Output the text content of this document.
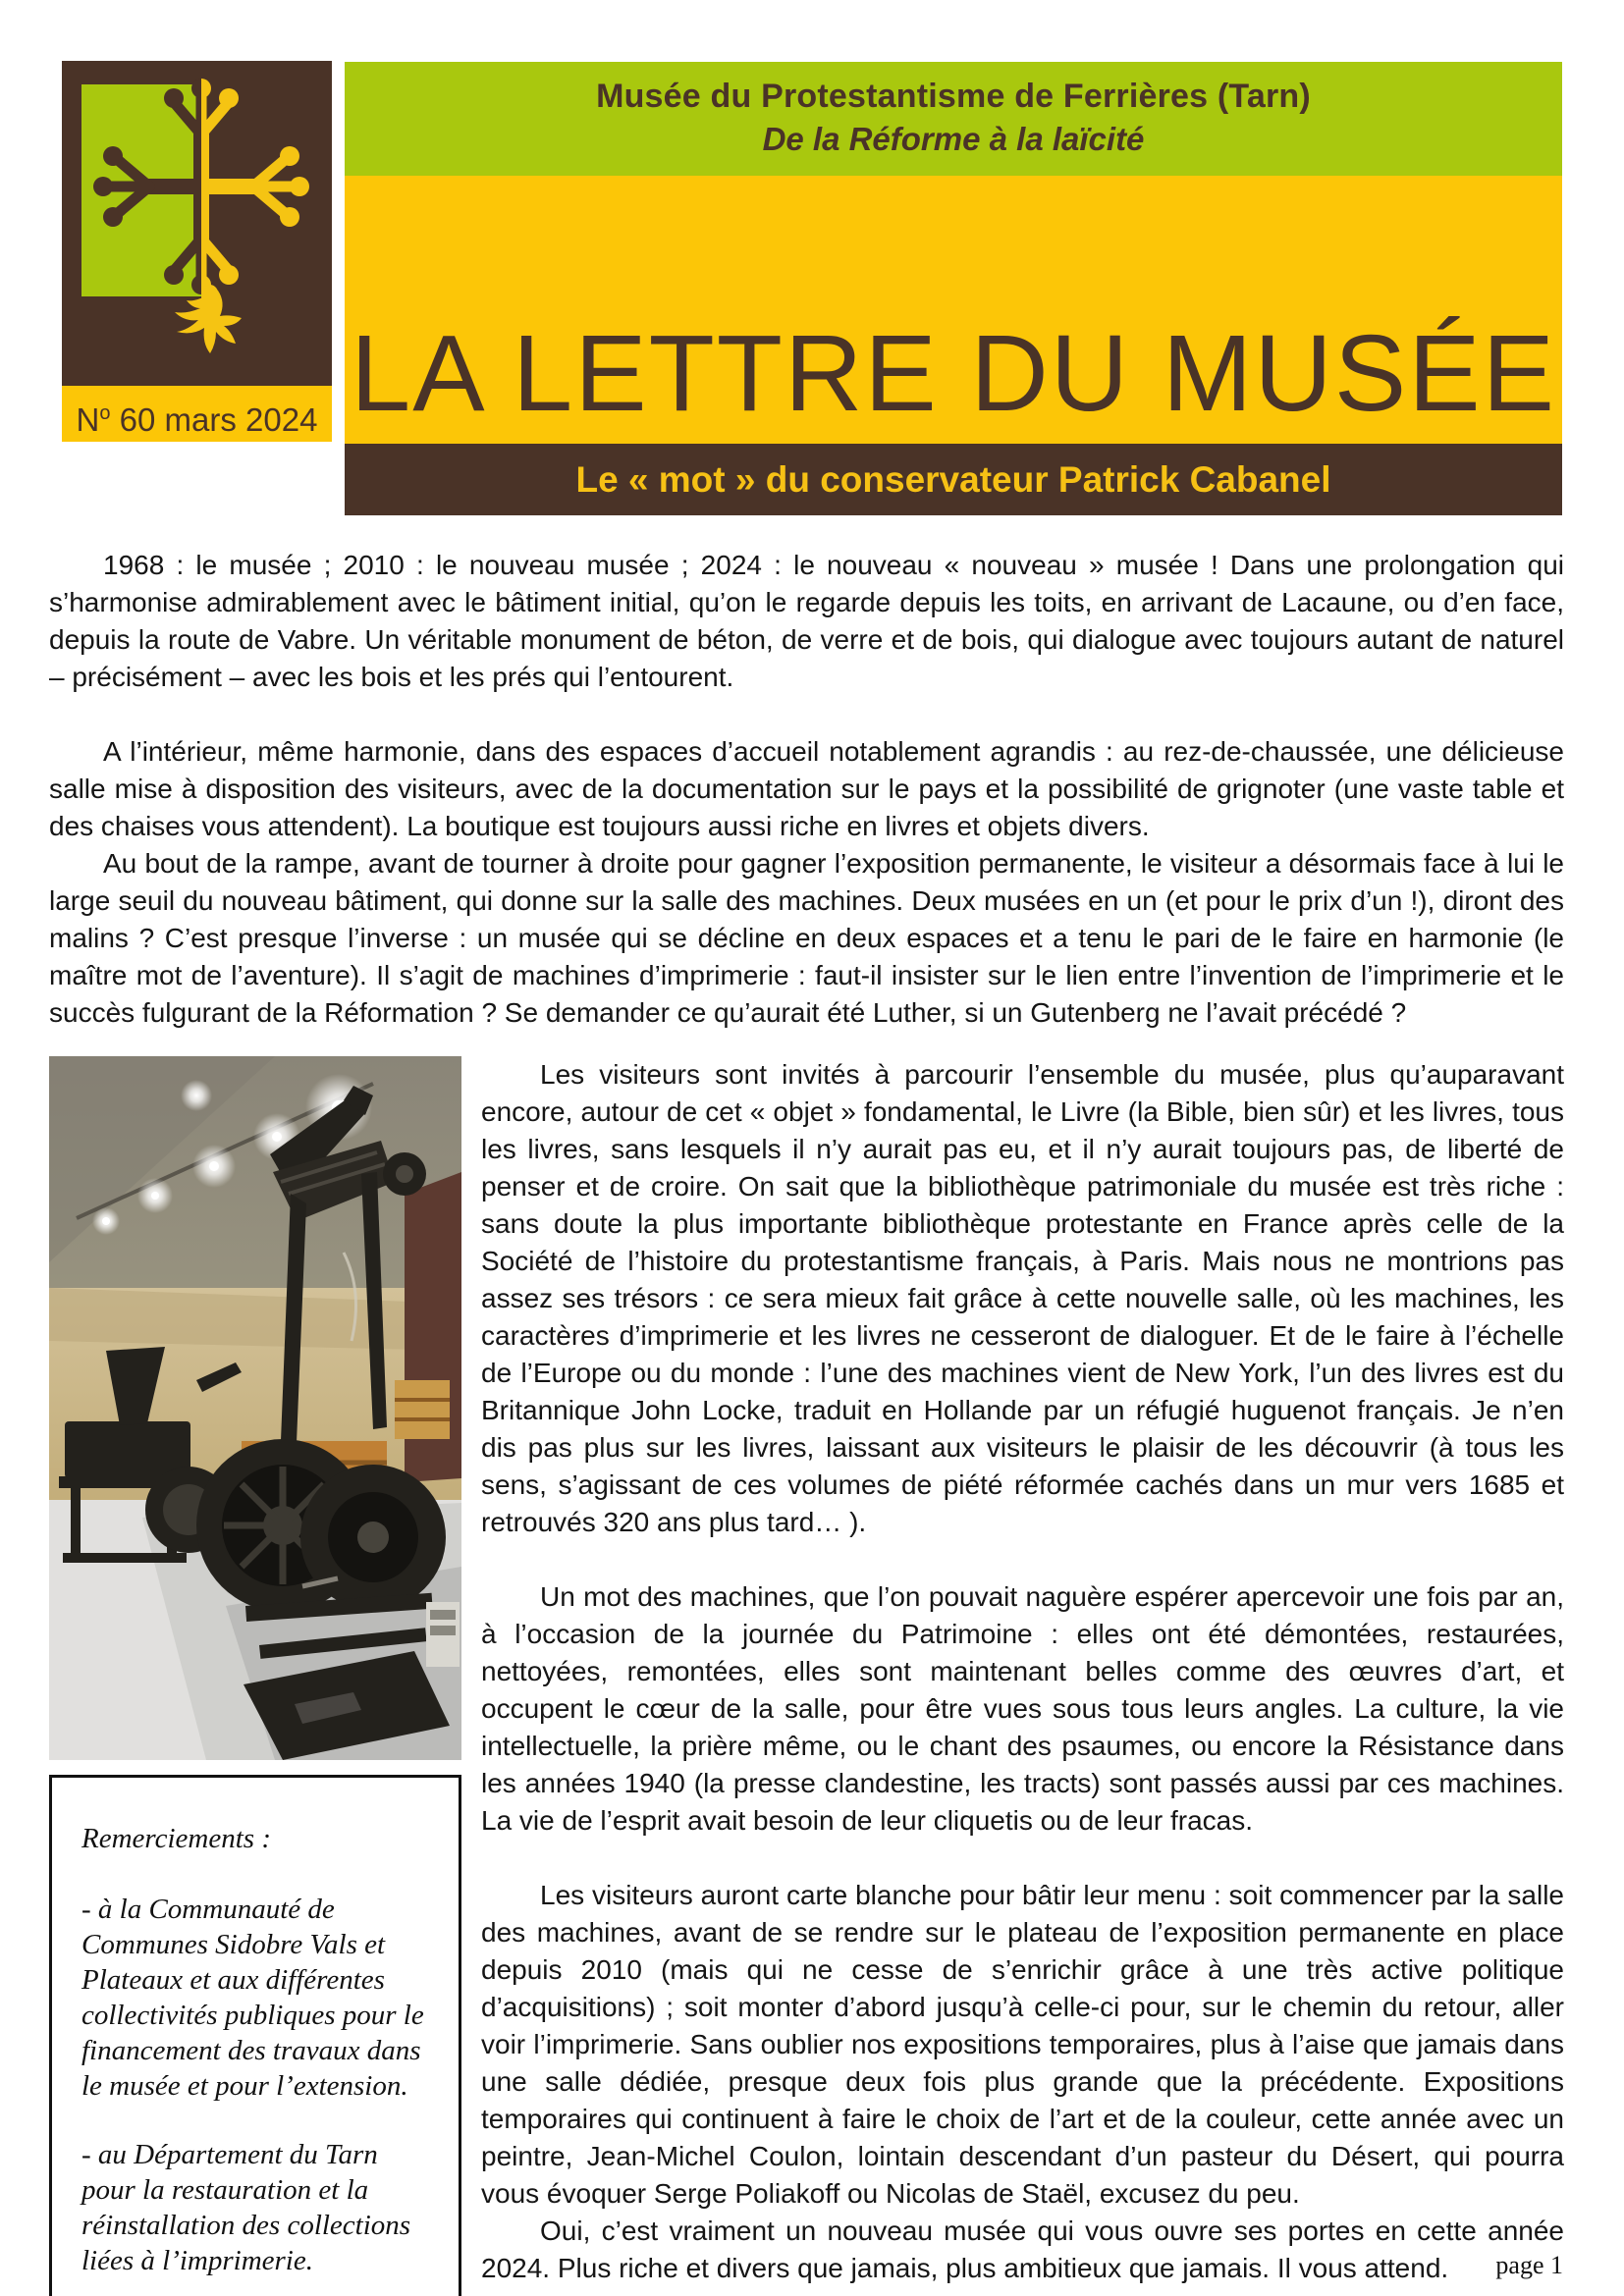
$N^o$ 60 mars 2024
Musée du Protestantisme de Ferrières (Tarn)
De la Réforme à la laïcité
LA LETTRE DU MUSÉE
Le « mot » du conservateur Patrick Cabanel

1968 : le musée ; 2010 : le nouveau musée ; 2024 : le nouveau « nouveau » musée ! Dans une prolongation qui s’harmonise admirablement avec le bâtiment initial, qu’on le regarde depuis les toits, en arrivant de Lacaune, ou d’en face, depuis la route de Vabre. Un véritable monument de béton, de verre et de bois, qui dialogue avec toujours autant de naturel – précisément – avec les bois et les prés qui l’entourent.

A l’intérieur, même harmonie, dans des espaces d’accueil notablement agrandis : au rez-de-chaussée, une délicieuse salle mise à disposition des visiteurs, avec de la documentation sur le pays et la possibilité de grignoter (une vaste table et des chaises vous attendent). La boutique est toujours aussi riche en livres et objets divers.

Au bout de la rampe, avant de tourner à droite pour gagner l’exposition permanente, le visiteur a désormais face à lui le large seuil du nouveau bâtiment, qui donne sur la salle des machines. Deux musées en un (et pour le prix d’un !), diront des malins ? C’est presque l’inverse : un musée qui se décline en deux espaces et a tenu le pari de le faire en harmonie (le maître mot de l’aventure). Il s’agit de machines d’imprimerie : faut-il insister sur le lien entre l’invention de l’imprimerie et le succès fulgurant de la Réformation ? Se demander ce qu’aurait été Luther, si un Gutenberg ne l’avait précédé ?

Remerciements :

- à la Communauté de Communes Sidobre Vals et Plateaux et aux différentes collectivités publiques pour le financement des travaux dans le musée et pour l’extension.

- au Département du Tarn pour la restauration et la réinstallation des collections liées à l’imprimerie.

Les visiteurs sont invités à parcourir l’ensemble du musée, plus qu’auparavant encore, autour de cet « objet » fondamental, le Livre (la Bible, bien sûr) et les livres, tous les livres, sans lesquels il n’y aurait pas eu, et il n’y aurait toujours pas, de liberté de penser et de croire. On sait que la bibliothèque patrimoniale du musée est très riche : sans doute la plus importante bibliothèque protestante en France après celle de la Société de l’histoire du protestantisme français, à Paris. Mais nous ne montrions pas assez ses trésors : ce sera mieux fait grâce à cette nouvelle salle, où les machines, les caractères d’imprimerie et les livres ne cesseront de dialoguer. Et de le faire à l’échelle de l’Europe ou du monde : l’une des machines vient de New York, l’un des livres est du Britannique John Locke, traduit en Hollande par un réfugié huguenot français. Je n’en dis pas plus sur les livres, laissant aux visiteurs le plaisir de les découvrir (à tous les sens, s’agissant de ces volumes de piété réformée cachés dans un mur vers 1685 et retrouvés 320 ans plus tard… ).

Un mot des machines, que l’on pouvait naguère espérer apercevoir une fois par an, à l’occasion de la journée du Patrimoine : elles ont été démontées, restaurées, nettoyées, remontées, elles sont maintenant belles comme des œuvres d’art, et occupent le cœur de la salle, pour être vues sous tous leurs angles. La culture, la vie intellectuelle, la prière même, ou le chant des psaumes, ou encore la Résistance dans les années 1940 (la presse clandestine, les tracts) sont passés aussi par ces machines. La vie de l’esprit avait besoin de leur cliquetis ou de leur fracas.

Les visiteurs auront carte blanche pour bâtir leur menu : soit commencer par la salle des machines, avant de se rendre sur le plateau de l’exposition permanente en place depuis 2010 (mais qui ne cesse de s’enrichir grâce à une très active politique d’acquisitions) ; soit monter d’abord jusqu’à celle-ci pour, sur le chemin du retour, aller voir l’imprimerie. Sans oublier nos expositions temporaires, plus à l’aise que jamais dans une salle dédiée, presque deux fois plus grande que la précédente. Expositions temporaires qui continuent à faire le choix de l’art et de la couleur, cette année avec un peintre, Jean-Michel Coulon, lointain descendant d’un pasteur du Désert, qui pourra vous évoquer Serge Poliakoff ou Nicolas de Staël, excusez du peu.

Oui, c’est vraiment un nouveau musée qui vous ouvre ses portes en cette année 2024. Plus riche et divers que jamais, plus ambitieux que jamais. Il vous attend.	page 1
